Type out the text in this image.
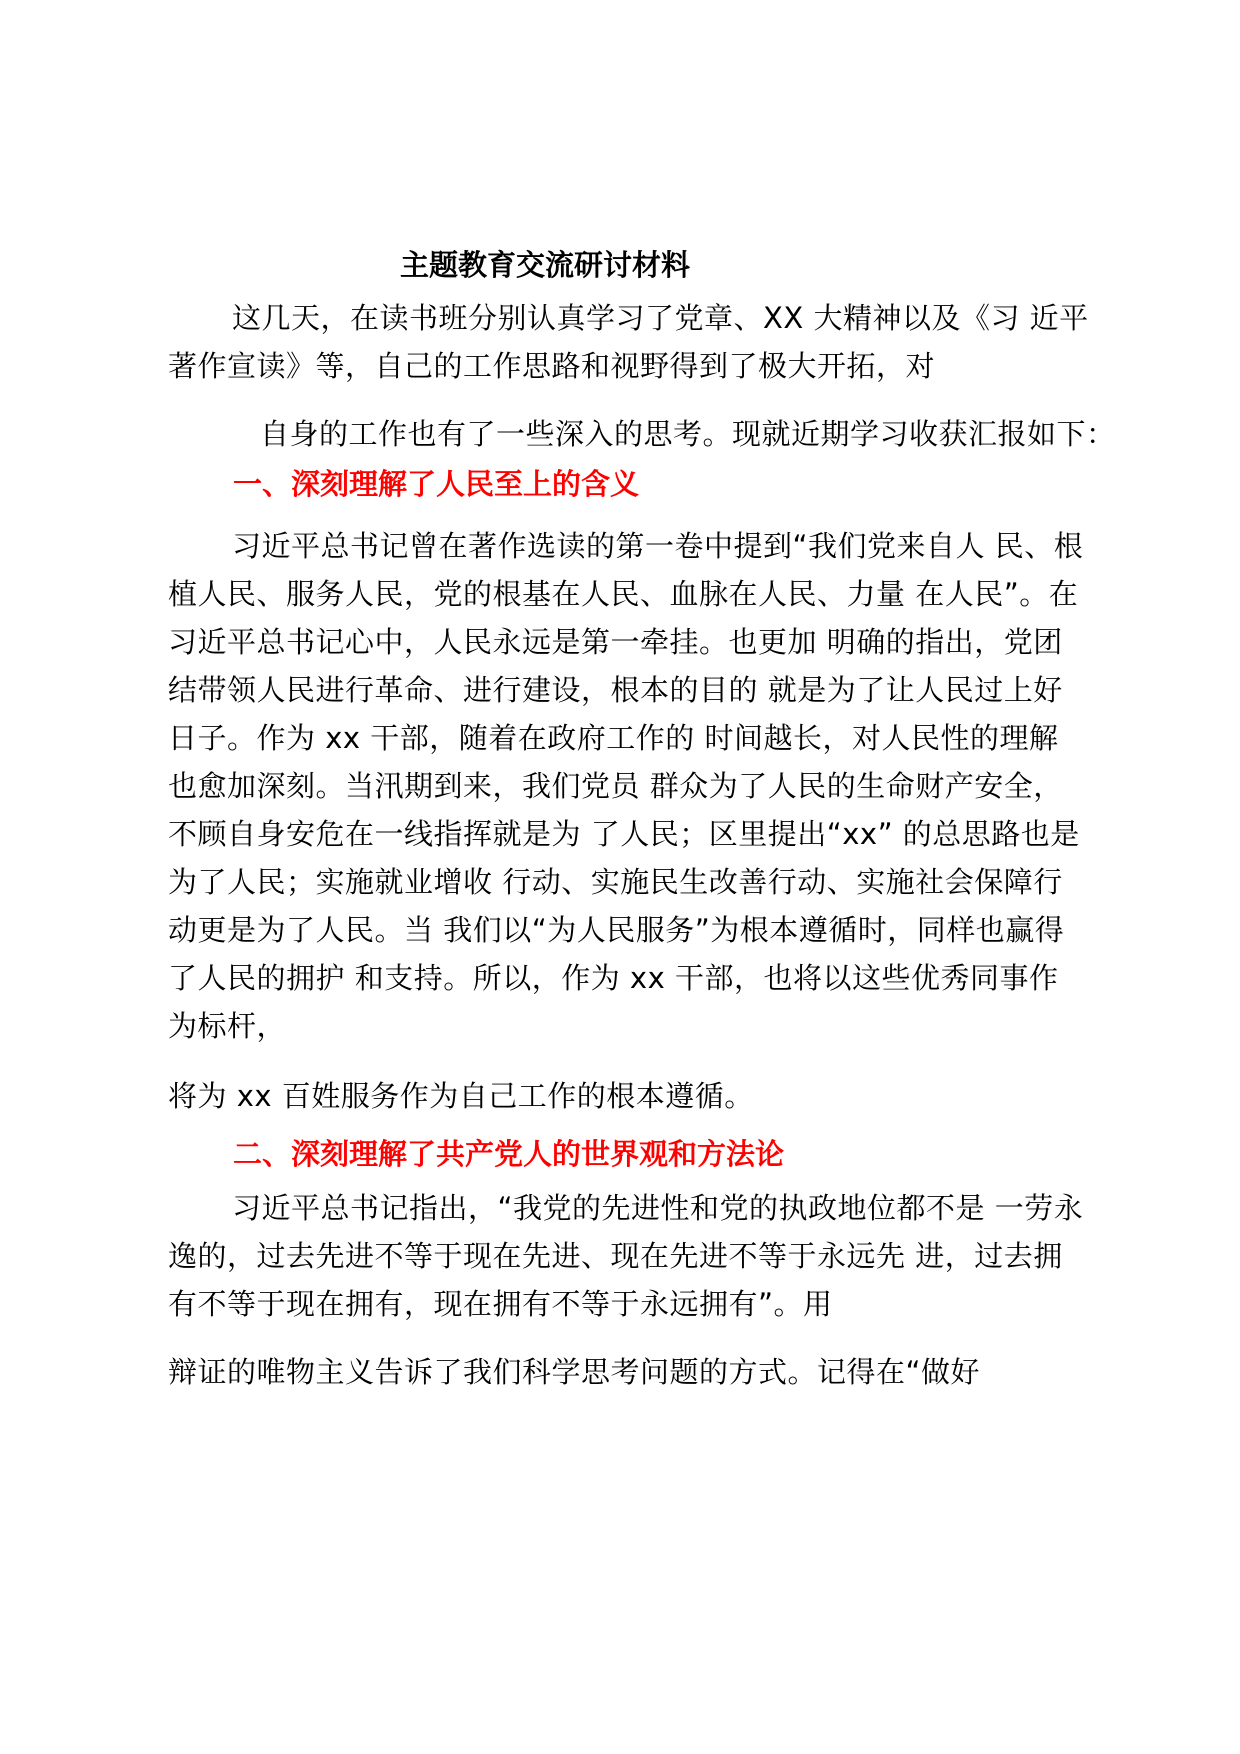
主题教育交流研讨材料
这几天，在读书班分别认真学习了党章、XX 大精神以及《习 近平
著作宣读》等，自己的工作思路和视野得到了极大开拓，对
自身的工作也有了一些深入的思考。现就近期学习收获汇报如下：
一、深刻理解了人民至上的含义
习近平总书记曾在著作选读的第一卷中提到“我们党来自人 民、根
植人民、服务人民，党的根基在人民、血脉在人民、力量 在人民”。在
习近平总书记心中，人民永远是第一牵挂。也更加 明确的指出，党团
结带领人民进行革命、进行建设，根本的目的 就是为了让人民过上好
日子。作为 xx 干部，随着在政府工作的 时间越长，对人民性的理解
也愈加深刻。当汛期到来，我们党员 群众为了人民的生命财产安全，
不顾自身安危在一线指挥就是为 了人民；区里提出“xx” 的总思路也是
为了人民；实施就业增收 行动、实施民生改善行动、实施社会保障行
动更是为了人民。当 我们以“为人民服务”为根本遵循时，同样也赢得
了人民的拥护 和支持。所以，作为 xx 干部，也将以这些优秀同事作
为标杆，
将为 xx 百姓服务作为自己工作的根本遵循。
二、深刻理解了共产党人的世界观和方法论
习近平总书记指出，“我党的先进性和党的执政地位都不是 一劳永
逸的，过去先进不等于现在先进、现在先进不等于永远先 进，过去拥
有不等于现在拥有，现在拥有不等于永远拥有”。用
辩证的唯物主义告诉了我们科学思考问题的方式。记得在“做好
